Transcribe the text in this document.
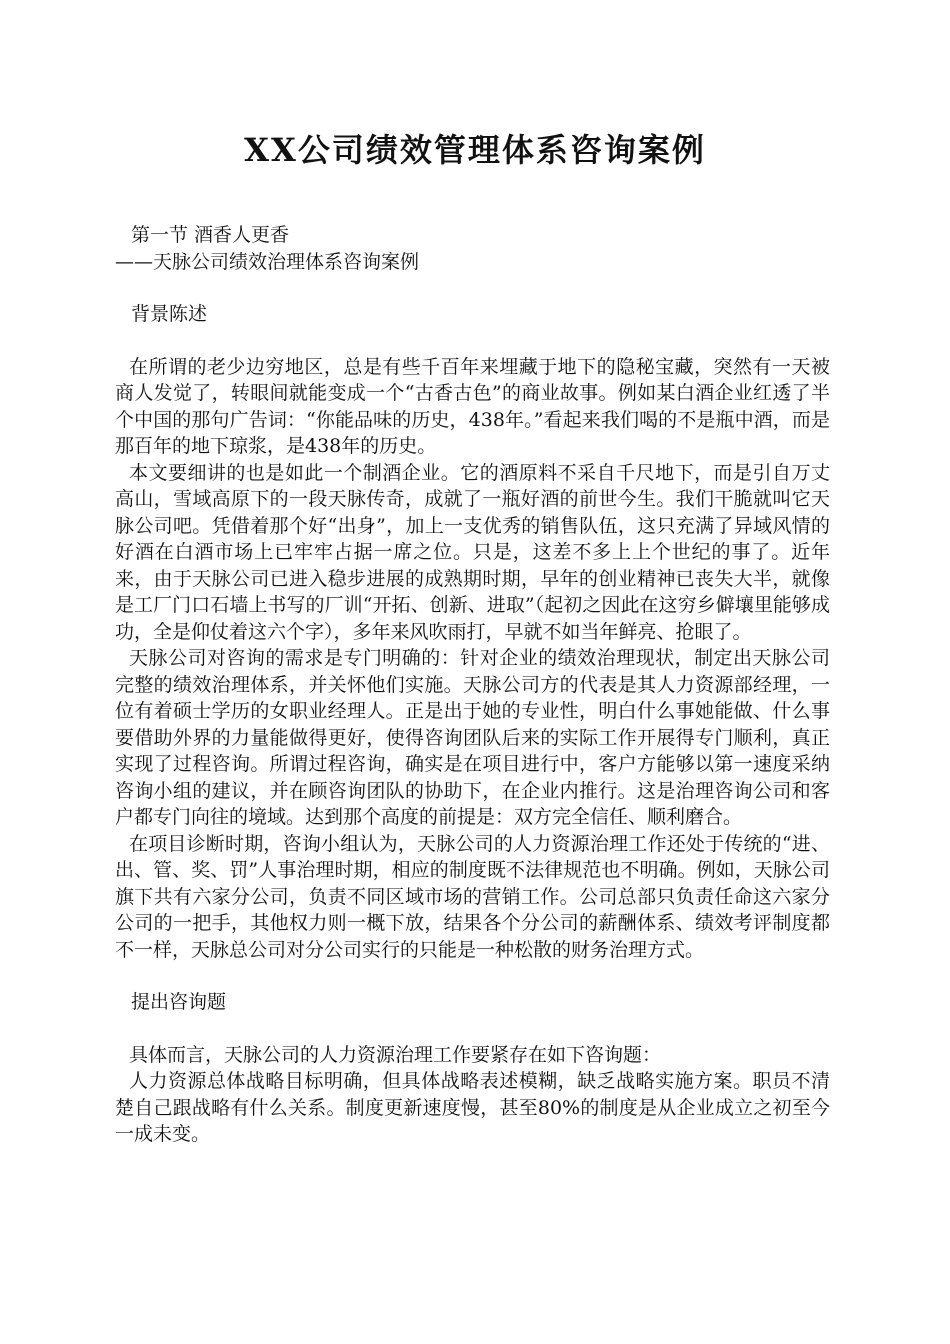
XX公司绩效管理体系咨询案例

第一节 酒香人更香

——天脉公司绩效治理体系咨询案例

背景陈述

在所谓的老少边穷地区，总是有些千百年来埋藏于地下的隐秘宝藏，突然有一天被商人发觉了，转眼间就能变成一个“古香古色”的商业故事。例如某白酒企业红透了半个中国的那句广告词：“你能品味的历史，438年。”看起来我们喝的不是瓶中酒，而是那百年的地下琼浆，是438年的历史。

本文要细讲的也是如此一个制酒企业。它的酒原料不采自千尺地下，而是引自万丈高山，雪域高原下的一段天脉传奇，成就了一瓶好酒的前世今生。我们干脆就叫它天脉公司吧。凭借着那个好“出身”，加上一支优秀的销售队伍，这只充满了异域风情的好酒在白酒市场上已牢牢占据一席之位。只是，这差不多上上个世纪的事了。近年来，由于天脉公司已进入稳步进展的成熟期时期，早年的创业精神已丧失大半，就像是工厂门口石墙上书写的厂训“开拓、创新、进取”（起初之因此在这穷乡僻壤里能够成功，全是仰仗着这六个字），多年来风吹雨打，早就不如当年鲜亮、抢眼了。

天脉公司对咨询的需求是专门明确的：针对企业的绩效治理现状，制定出天脉公司完整的绩效治理体系，并关怀他们实施。天脉公司方的代表是其人力资源部经理，一位有着硕士学历的女职业经理人。正是出于她的专业性，明白什么事她能做、什么事要借助外界的力量能做得更好，使得咨询团队后来的实际工作开展得专门顺利，真正实现了过程咨询。所谓过程咨询，确实是在项目进行中，客户方能够以第一速度采纳咨询小组的建议，并在顾咨询团队的协助下，在企业内推行。这是治理咨询公司和客户都专门向往的境域。达到那个高度的前提是：双方完全信任、顺利磨合。

在项目诊断时期，咨询小组认为，天脉公司的人力资源治理工作还处于传统的“进、出、管、奖、罚”人事治理时期，相应的制度既不法律规范也不明确。例如，天脉公司旗下共有六家分公司，负责不同区域市场的营销工作。公司总部只负责任命这六家分公司的一把手，其他权力则一概下放，结果各个分公司的薪酬体系、绩效考评制度都不一样，天脉总公司对分公司实行的只能是一种松散的财务治理方式。

提出咨询题

具体而言，天脉公司的人力资源治理工作要紧存在如下咨询题：

人力资源总体战略目标明确，但具体战略表述模糊，缺乏战略实施方案。职员不清楚自己跟战略有什么关系。制度更新速度慢，甚至80%的制度是从企业成立之初至今一成未变。
